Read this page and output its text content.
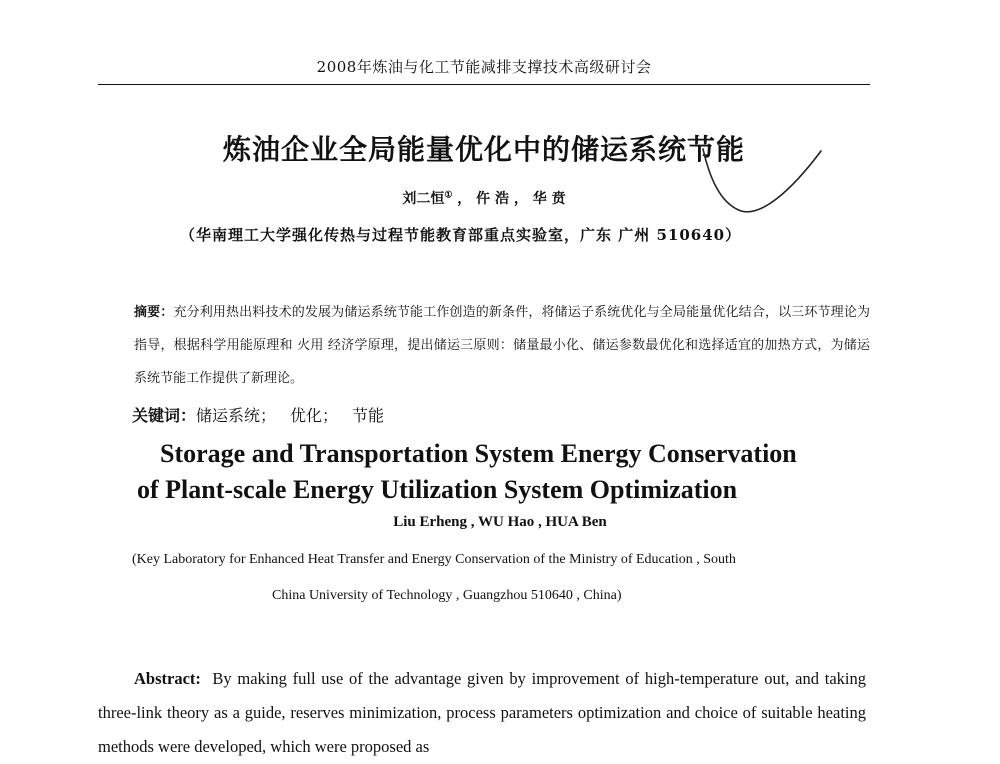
2008年炼油与化工节能减排支撑技术高级研讨会
炼油企业全局能量优化中的储运系统节能
刘二恒① ， 仵 浩 ， 华 贲
（华南理工大学强化传热与过程节能教育部重点实验室，广东 广州 510640）

摘要：充分利用热出料技术的发展为储运系统节能工作创造的新条件，将储运子系统优化与全局能量优化结合，以三环节理论为指导，根据科学用能原理和 火用 经济学原理，提出储运三原则：储量最小化、储运参数最优化和选择适宜的加热方式，为储运系统节能工作提供了新理论。

关键词：储运系统； 优化； 节能
Storage and Transportation System Energy Conservation
of Plant-scale Energy Utilization System Optimization
Liu Erheng , WU Hao , HUA Ben
(Key Laboratory for Enhanced Heat Transfer and Energy Conservation of the Ministry of Education , South
China University of Technology , Guangzhou 510640 , China)

Abstract: By making full use of the advantage given by improvement of high-temperature out, and taking three-link theory as a guide, reserves minimization, process parameters optimization and choice of suitable heating methods were developed, which were proposed as
